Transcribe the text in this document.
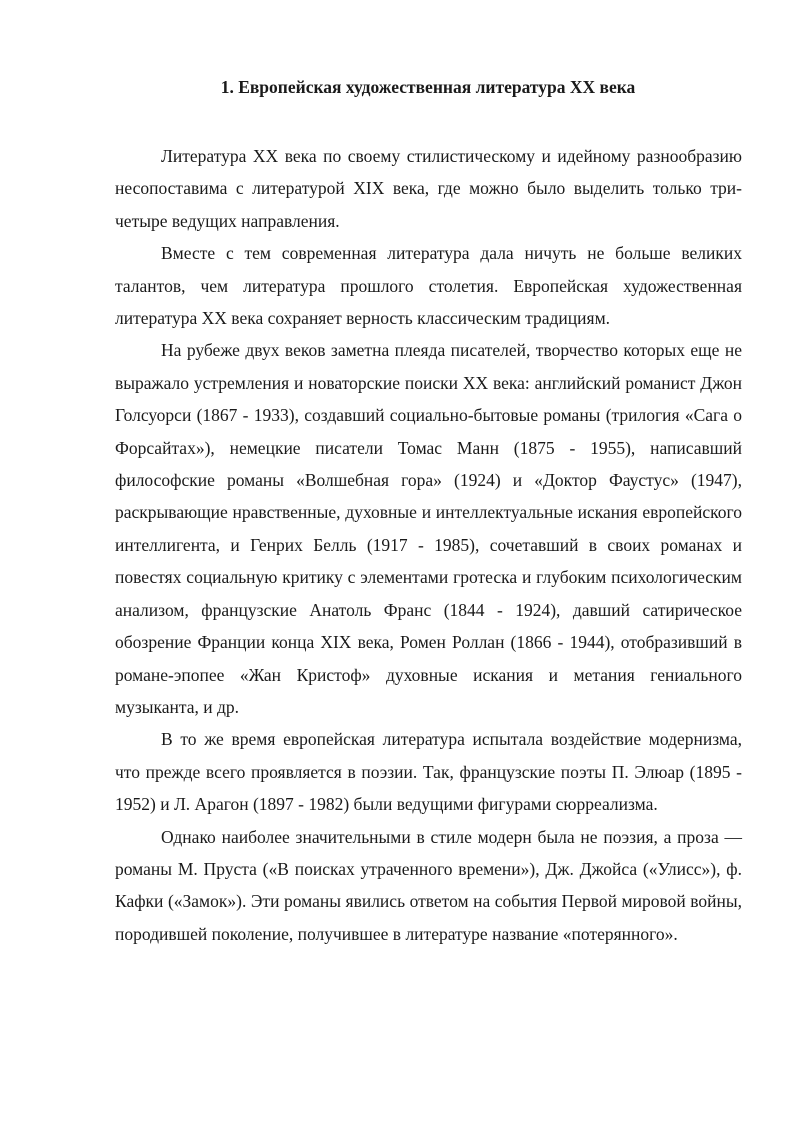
1. Европейская художественная литература XX века

Литература XX века по своему стилистическому и идейному разнообразию несопоставима с литературой XIX века, где можно было выделить только три-четыре ведущих направления.

Вместе с тем современная литература дала ничуть не больше великих талантов, чем литература прошлого столетия. Европейская художественная литература XX века сохраняет верность классическим традициям.

На рубеже двух веков заметна плеяда писателей, творчество которых еще не выражало устремления и новаторские поиски XX века: английский романист Джон Голсуорси (1867 - 1933), создавший социально-бытовые романы (трилогия «Сага о Форсайтах»), немецкие писатели Томас Манн (1875 - 1955), написавший философские романы «Волшебная гора» (1924) и «Доктор Фаустус» (1947), раскрывающие нравственные, духовные и интеллектуальные искания европейского интеллигента, и Генрих Белль (1917 - 1985), сочетавший в своих романах и повестях социальную критику с элементами гротеска и глубоким психологическим анализом, французские Анатоль Франс (1844 - 1924), давший сатирическое обозрение Франции конца XIX века, Ромен Роллан (1866 - 1944), отобразивший в романе-эпопее «Жан Кристоф» духовные искания и метания гениального музыканта, и др.

В то же время европейская литература испытала воздействие модернизма, что прежде всего проявляется в поэзии. Так, французские поэты П. Элюар (1895 - 1952) и Л. Арагон (1897 - 1982) были ведущими фигурами сюрреализма.

Однако наиболее значительными в стиле модерн была не поэзия, а проза — романы М. Пруста («В поисках утраченного времени»), Дж. Джойса («Улисс»), ф. Кафки («Замок»). Эти романы явились ответом на события Первой мировой войны, породившей поколение, получившее в литературе название «потерянного».
